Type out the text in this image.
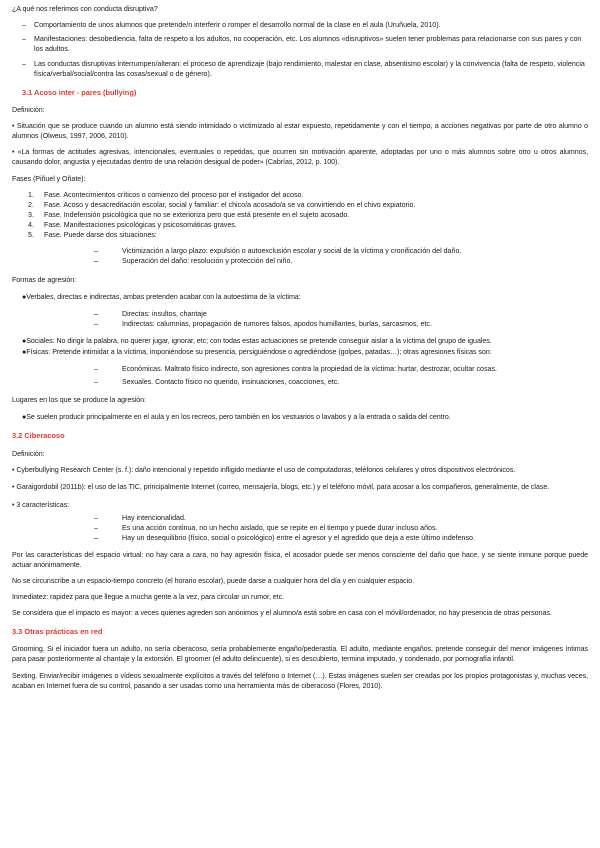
¿A qué nos referimos con conducta disruptiva?

– Comportamiento de unos alumnos que pretende/n interferir o romper el desarrollo normal de la clase en el aula (Uruñuela, 2010).
– Manifestaciones: desobediencia, falta de respeto a los adultos, no cooperación, etc. Los alumnos «disruptivos» suelen tener problemas para relacionarse con sus pares y con los adultos.
– Las conductas disruptivas interrumpen/alteran: el proceso de aprendizaje (bajo rendimiento, malestar en clase, absentismo escolar) y la convivencia (falta de respeto, violencia física/verbal/social/contra las cosas/sexual o de género).

3.1 Acoso inter - pares (bullying)

Definición:

• Situación que se produce cuando un alumno está siendo intimidado o victimizado al estar expuesto, repetidamente y con el tiempo, a acciones negativas por parte de otro alumno o alumnos (Olweus, 1997, 2006, 2010).

• «La formas de actitudes agresivas, intencionales, eventuales o repetidas, que ocurren sin motivación aparente, adoptadas por uno o más alumnos sobre otro u otros alumnos, causando dolor, angustia y ejecutadas dentro de una relación desigual de poder» (Cabrías, 2012, p. 100).

Fases (Piñuel y Oñate):

1. Fase. Acontecimientos críticos o comienzo del proceso por el instigador del acoso.
2. Fase. Acoso y desacreditación escolar, social y familiar: el chico/a acosado/a se va convirtiendo en el chivo expiatorio.
3. Fase. Indefensión psicológica que no se exterioriza pero que está presente en el sujeto acosado.
4. Fase. Manifestaciones psicológicas y psicosomáticas graves.
5. Fase. Puede darse dos situaciones:
– Victimización a largo plazo: expulsión o autoexclusión escolar y social de la víctima y cronificación del daño.
– Superación del daño: resolución y protección del niño.

Formas de agresión:

●Verbales, directas e indirectas, ambas pretenden acabar con la autoestima de la víctima:

– Directas: insultos, chantaje
– Indirectas: calumnias, propagación de rumores falsos, apodos humillantes, burlas, sarcasmos, etc.

●Sociales: No dirigir la palabra, no querer jugar, ignorar, etc; con todas estas actuaciones se pretende conseguir aislar a la víctima del grupo de iguales.

●Físicas: Pretende intimidar a la víctima, imponiéndose su presencia, persiguiéndose o agrediéndose (golpes, patadas…); otras agresiones físicas son:

– Económicas. Maltrato físico indirecto, son agresiones contra la propiedad de la víctima: hurtar, destrozar, ocultar cosas.
– Sexuales. Contacto físico no querido, insinuaciones, coacciones, etc.

Lugares en los que se produce la agresión:

●Se suelen producir principalmente en el aula y en los recreos, pero también en los vestuarios o lavabos y a la entrada o salida del centro.

3.2 Ciberacoso

Definición:

• Cyberbullying Research Center (s. f.): daño intencional y repetido infligido mediante el uso de computadoras, teléfonos celulares y otros dispositivos electrónicos.

• Garaigordobil (2011b): el uso de las TIC, principalmente Internet (correo, mensajería, blogs, etc.) y el teléfono móvil, para acosar a los compañeros, generalmente, de clase.

• 3 características:

– Hay intencionalidad.
– Es una acción continua, no un hecho aislado, que se repite en el tiempo y puede durar incluso años.
– Hay un desequilibrio (físico, social o psicológico) entre el agresor y el agredido que deja a este último indefenso.

Por las características del espacio virtual: no hay cara a cara, no hay agresión física, el acosador puede ser menos consciente del daño que hace, y se siente inmune porque puede actuar anónimamente.

No se circunscribe a un espacio-tiempo concreto (el horario escolar), puede darse a cualquier hora del día y en cualquier espacio.

Inmediatez: rapidez para que llegue a mucha gente a la vez, para circular un rumor, etc.

Se considera que el impacto es mayor: a veces quienes agreden son anónimos y el alumno/a está sobre en casa con el móvil/ordenador, no hay presencia de otras personas.

3.3 Otras prácticas en red

Grooming. Si el iniciador fuera un adulto, no sería ciberacoso, sería probablemente engaño/pederastia. El adulto, mediante engaños, pretende conseguir del menor imágenes íntimas para pasar posteriormente al chantaje y la extorsión. El groomer (el adulto delincuente), si es descubierto, termina imputado, y condenado, por pornografía infantil.

Sexting. Enviar/recibir imágenes o vídeos sexualmente explícitos a través del teléfono o Internet (…). Estas imágenes suelen ser creadas por los propios protagonistas y, muchas veces, acaban en Internet fuera de su control, pasando a ser usadas como una herramienta más de ciberacoso (Flores, 2010).
